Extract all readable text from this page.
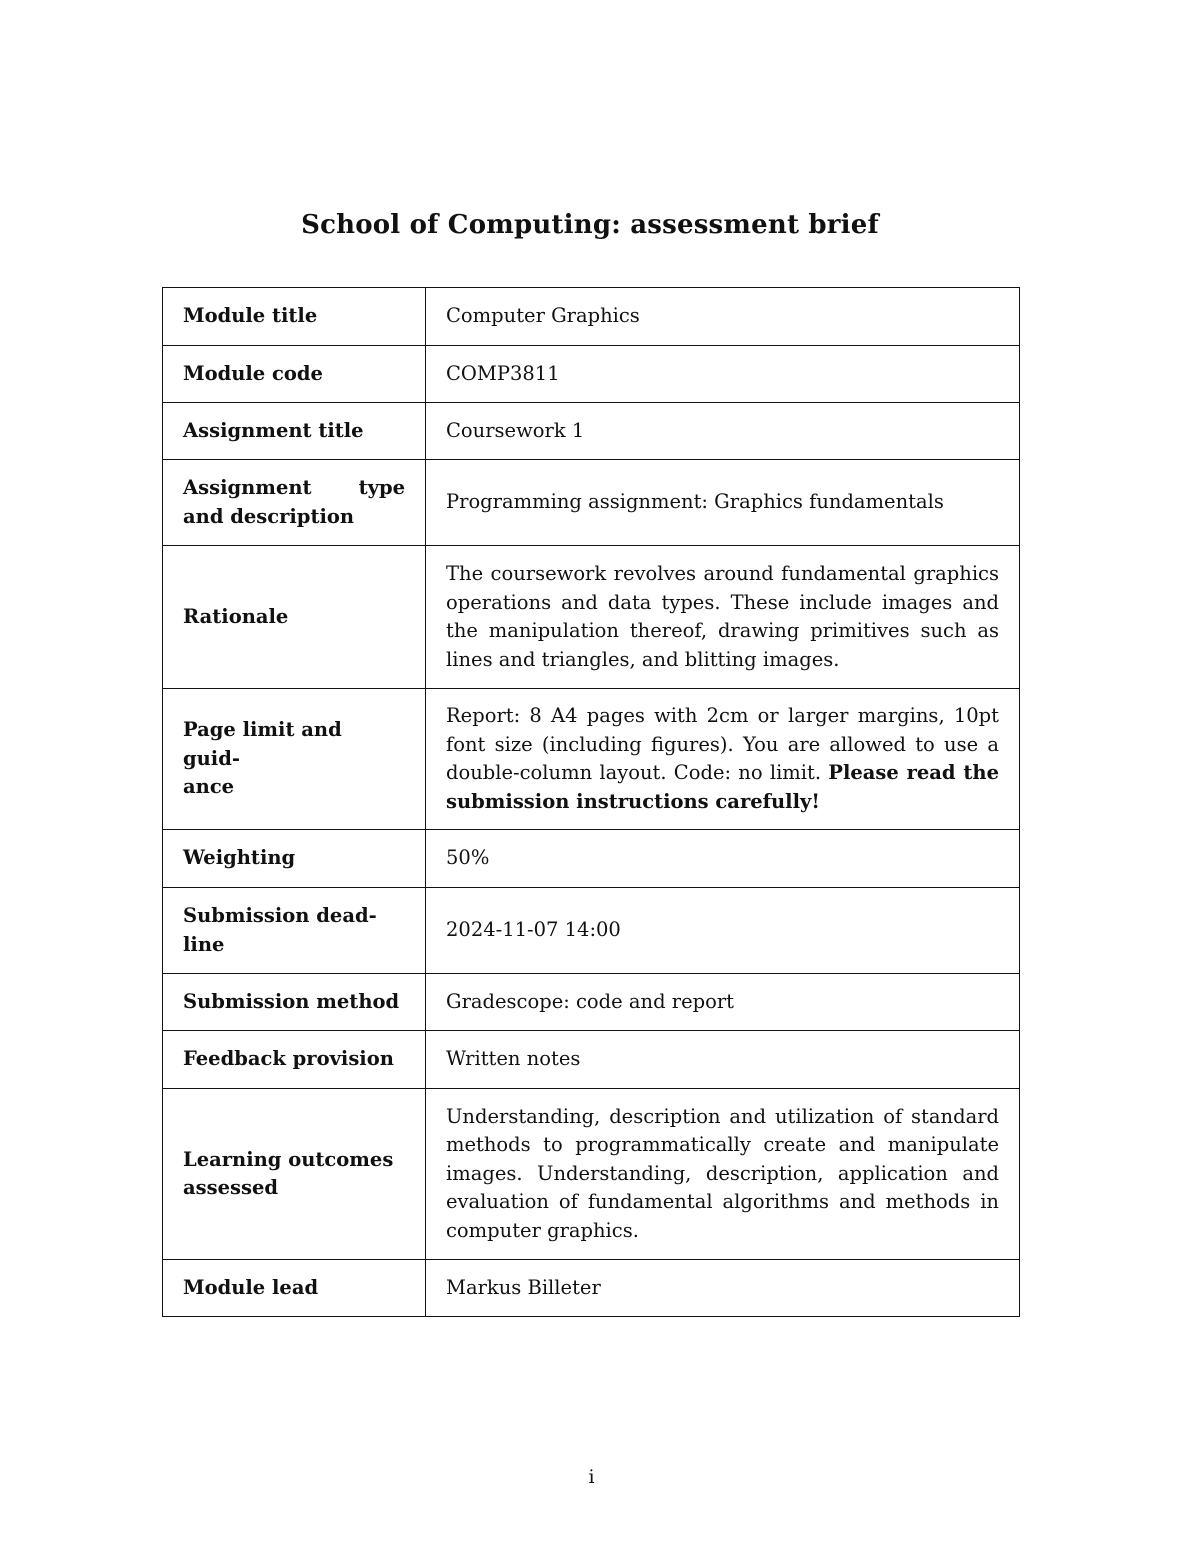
School of Computing: assessment brief
Module title	Computer Graphics
Module code	COMP3811
Assignment title	Coursework 1
Assignment type and description	Programming assignment: Graphics fundamentals
Rationale	The coursework revolves around fundamental graphics operations and data types. These include images and the manipulation thereof, drawing primitives such as lines and triangles, and blitting images.
Page limit and guid-
ance	Report: 8 A4 pages with 2cm or larger margins, 10pt font size (including figures). You are allowed to use a double-column layout. Code: no limit. Please read the submission instructions carefully!
Weighting	50%
Submission dead-
line	2024-11-07 14:00
Submission method	Gradescope: code and report
Feedback provision	Written notes
Learning outcomes assessed	Understanding, description and utilization of standard methods to programmatically create and manipulate images. Understanding, description, application and evaluation of fundamental algorithms and methods in computer graphics.
Module lead	Markus Billeter
i
